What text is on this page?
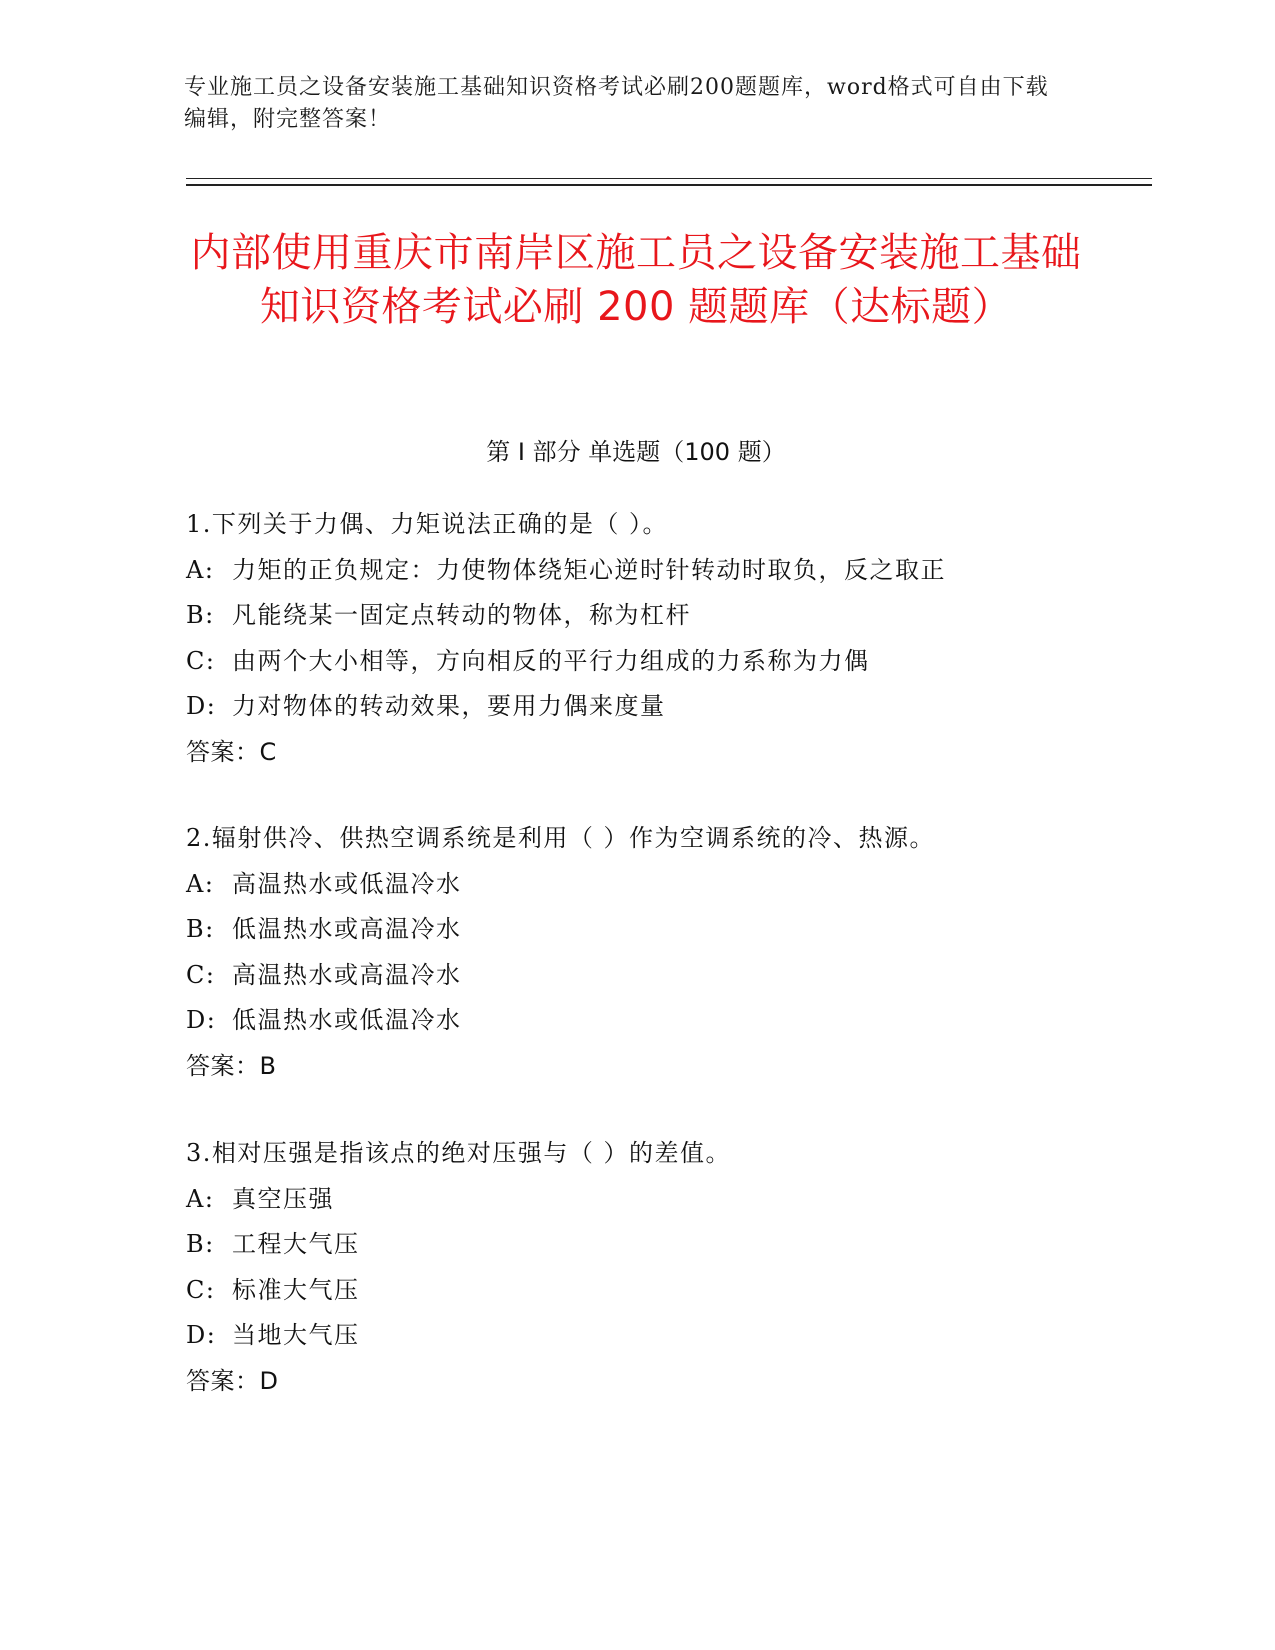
专业施工员之设备安装施工基础知识资格考试必刷200题题库，word格式可自由下载编辑，附完整答案！
内部使用重庆市南岸区施工员之设备安装施工基础知识资格考试必刷 200 题题库（达标题）
第 I 部分 单选题（100 题）
1.下列关于力偶、力矩说法正确的是（ ）。
A: 力矩的正负规定：力使物体绕矩心逆时针转动时取负，反之取正
B: 凡能绕某一固定点转动的物体，称为杠杆
C: 由两个大小相等，方向相反的平行力组成的力系称为力偶
D: 力对物体的转动效果，要用力偶来度量
答案：C
2.辐射供冷、供热空调系统是利用（ ）作为空调系统的冷、热源。
A: 高温热水或低温冷水
B: 低温热水或高温冷水
C: 高温热水或高温冷水
D: 低温热水或低温冷水
答案：B
3.相对压强是指该点的绝对压强与（ ）的差值。
A: 真空压强
B: 工程大气压
C: 标准大气压
D: 当地大气压
答案：D
